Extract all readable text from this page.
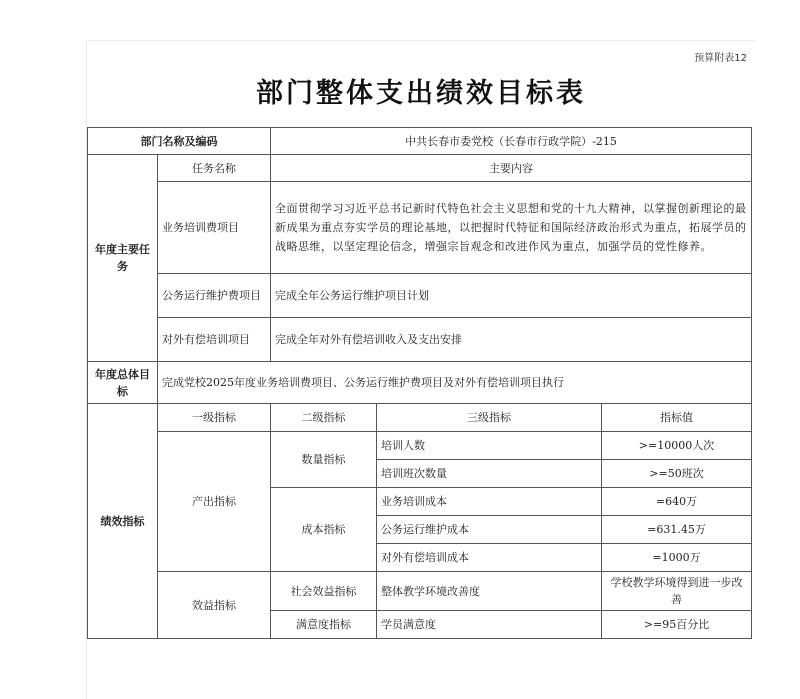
预算附表12
部门整体支出绩效目标表
部门名称及编码		中共长春市委党校（长春市行政学院）-215		
年度主要任务	任务名称	主要内容		
	业务培训费项目	全面贯彻学习习近平总书记新时代特色社会主义思想和党的十九大精神，以掌握创新理论的最新成果为重点夯实学员的理论基地，以把握时代特征和国际经济政治形式为重点，拓展学员的战略思维，以坚定理论信念，增强宗旨观念和改进作风为重点，加强学员的党性修养。		
	公务运行维护费项目	完成全年公务运行维护项目计划		
	对外有偿培训项目	完成全年对外有偿培训收入及支出安排		
年度总体目标	完成党校2025年度业务培训费项目、公务运行维护费项目及对外有偿培训项目执行			
绩效指标	一级指标	二级指标	三级指标	指标值
	产出指标	数量指标	培训人数	>=10000人次
			培训班次数量	>=50班次
		成本指标	业务培训成本	=640万
			公务运行维护成本	=631.45万
			对外有偿培训成本	=1000万
	效益指标	社会效益指标	整体教学环境改善度	学校教学环境得到进一步改善
		满意度指标	学员满意度	>=95百分比
